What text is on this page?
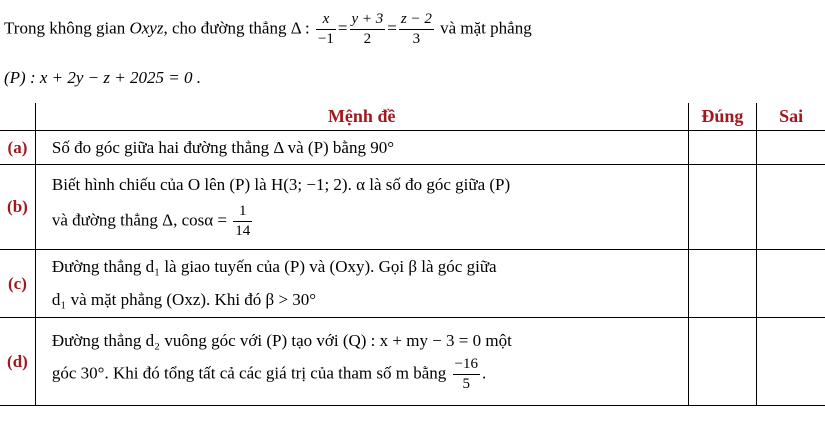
Trong không gian Oxyz, cho đường thẳng Δ : $\frac{x}{-1} = \frac{y + 3}{2} = \frac{z - 2}{3}$ và mặt phẳng
(P) : x + 2y − z + 2025 = 0 .
	Mệnh đề	Đúng	Sai
(a)	Số đo góc giữa hai đường thẳng Δ và (P) bằng 90°		
(b)	Biết hình chiếu của O lên (P) là H(3; −1; 2). α là số đo góc giữa (P)
và đường thẳng Δ, $\cos\alpha = \frac{1}{14}$

(c)	Đường thẳng d₁ là giao tuyến của (P) và (Oxy). Gọi β là góc giữa
d₁ và mặt phẳng (Oxz). Khi đó β > 30°		

(d)	Đường thẳng d₂ vuông góc với (P) tạo với (Q) : x + my − 3 = 0 một
góc 30°. Khi đó tổng tất cả các giá trị của tham số m bằng $\frac{-16}{5}$ .		
